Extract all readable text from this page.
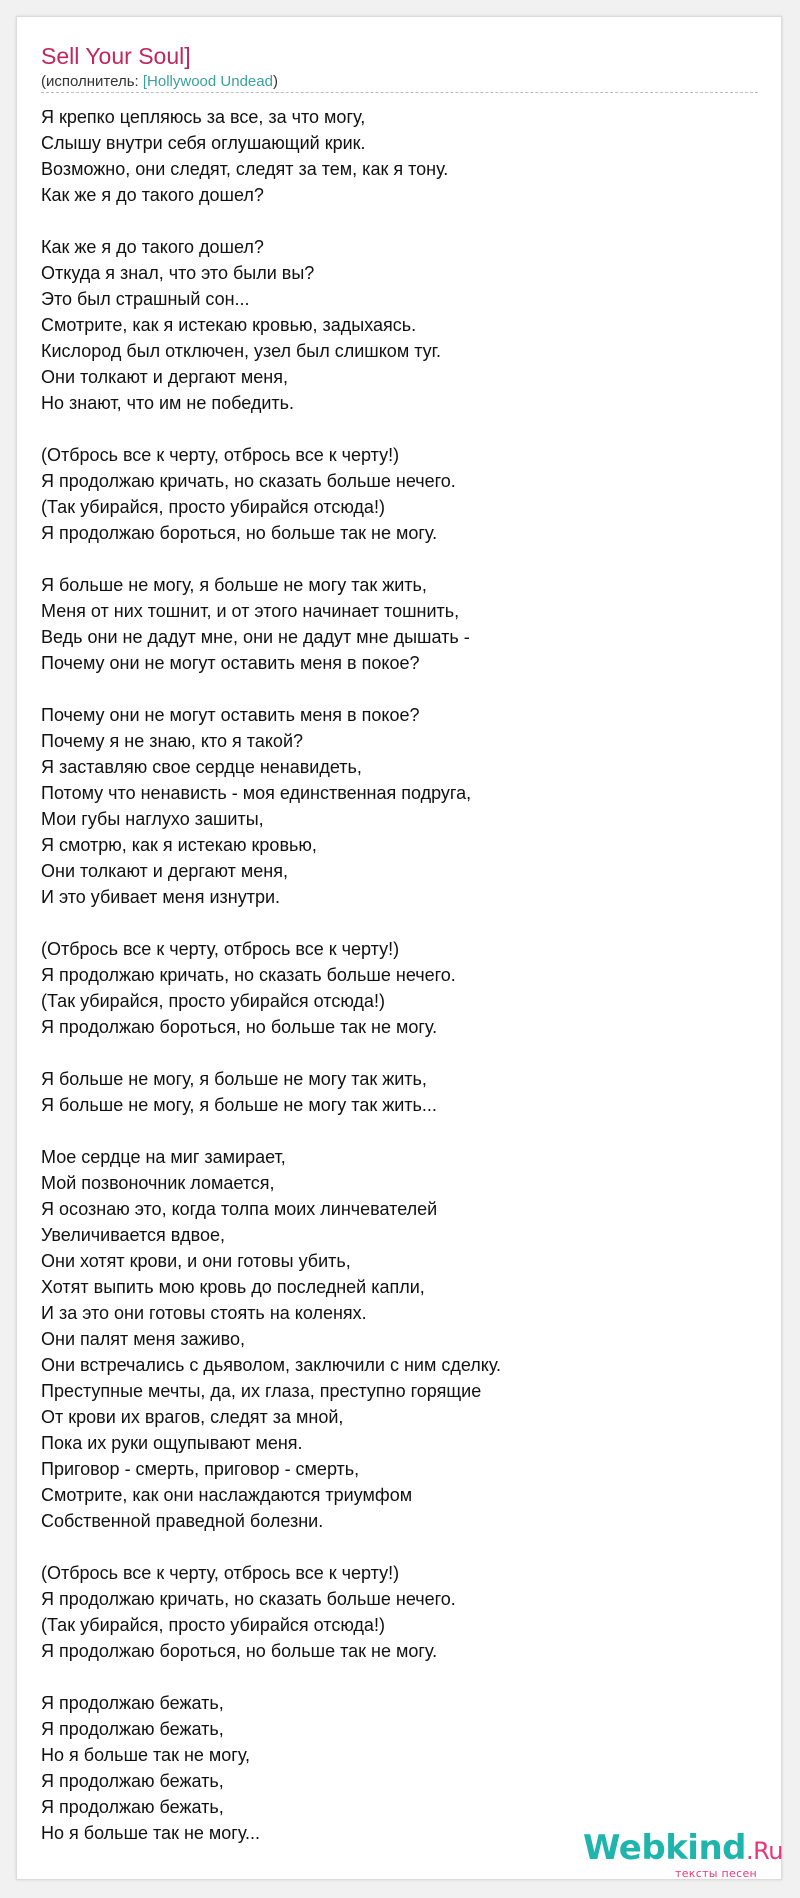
Sell Your Soul]
(исполнитель: [Hollywood Undead)
Я крепко цепляюсь за все, за что могу,
Слышу внутри себя оглушающий крик.
Возможно, они следят, следят за тем, как я тону.
Как же я до такого дошел?
Как же я до такого дошел?
Откуда я знал, что это были вы?
Это был страшный сон...
Смотрите, как я истекаю кровью, задыхаясь.
Кислород был отключен, узел был слишком туг.
Они толкают и дергают меня,
Но знают, что им не победить.
(Отбрось все к черту, отбрось все к черту!)
Я продолжаю кричать, но сказать больше нечего.
(Так убирайся, просто убирайся отсюда!)
Я продолжаю бороться, но больше так не могу.
Я больше не могу, я больше не могу так жить,
Меня от них тошнит, и от этого начинает тошнить,
Ведь они не дадут мне, они не дадут мне дышать -
Почему они не могут оставить меня в покое?
Почему они не могут оставить меня в покое?
Почему я не знаю, кто я такой?
Я заставляю свое сердце ненавидеть,
Потому что ненависть - моя единственная подруга,
Мои губы наглухо зашиты,
Я смотрю, как я истекаю кровью,
Они толкают и дергают меня,
И это убивает меня изнутри.
(Отбрось все к черту, отбрось все к черту!)
Я продолжаю кричать, но сказать больше нечего.
(Так убирайся, просто убирайся отсюда!)
Я продолжаю бороться, но больше так не могу.
Я больше не могу, я больше не могу так жить,
Я больше не могу, я больше не могу так жить...
Мое сердце на миг замирает,
Мой позвоночник ломается,
Я осознаю это, когда толпа моих линчевателей
Увеличивается вдвое,
Они хотят крови, и они готовы убить,
Хотят выпить мою кровь до последней капли,
И за это они готовы стоять на коленях.
Они палят меня заживо,
Они встречались с дьяволом, заключили с ним сделку.
Преступные мечты, да, их глаза, преступно горящие
От крови их врагов, следят за мной,
Пока их руки ощупывают меня.
Приговор - смерть, приговор - смерть,
Смотрите, как они наслаждаются триумфом
Собственной праведной болезни.
(Отбрось все к черту, отбрось все к черту!)
Я продолжаю кричать, но сказать больше нечего.
(Так убирайся, просто убирайся отсюда!)
Я продолжаю бороться, но больше так не могу.
Я продолжаю бежать,
Я продолжаю бежать,
Но я больше так не могу,
Я продолжаю бежать,
Я продолжаю бежать,
Но я больше так не могу...	Webkind.Ru
тексты песен
